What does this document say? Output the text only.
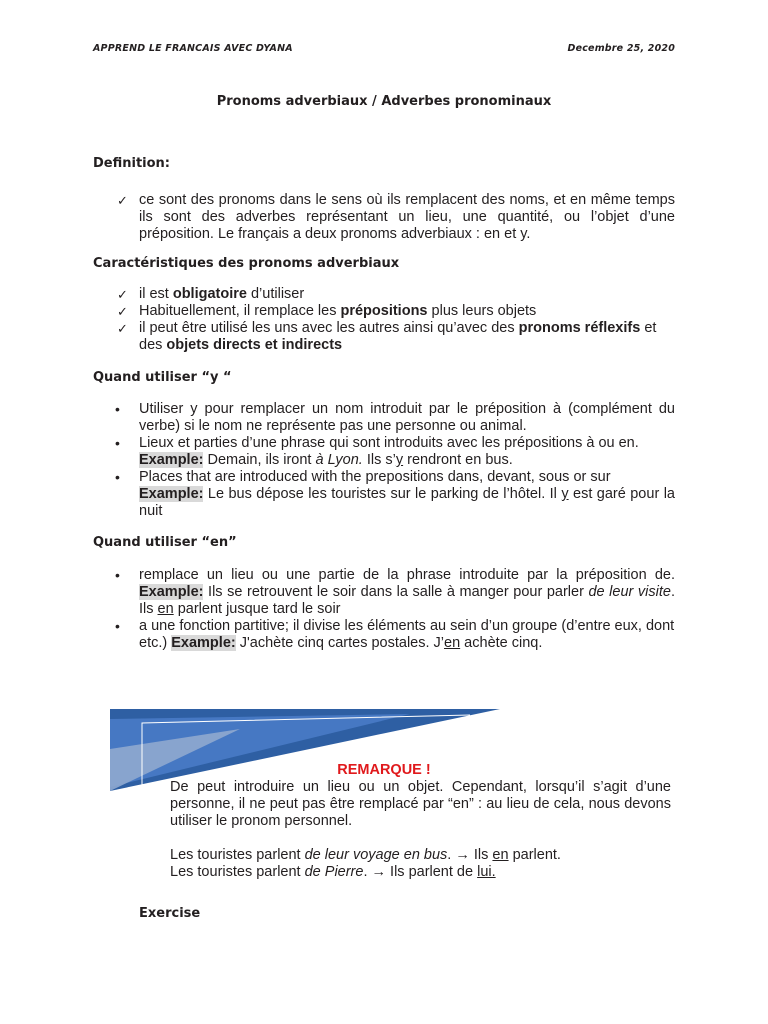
APPREND LE FRANCAIS AVEC DYANA	Decembre 25, 2020
Pronoms adverbiaux / Adverbes pronominaux
Definition:

✓ ce sont des pronoms dans le sens où ils remplacent des noms, et en même temps ils sont des adverbes représentant un lieu, une quantité, ou l’objet d’une préposition. Le français a deux pronoms adverbiaux : en et y.

Caractéristiques des pronoms adverbiaux

✓ il est obligatoire d’utiliser

✓ Habituellement, il remplace les prépositions plus leurs objets

✓ il peut être utilisé les uns avec les autres ainsi qu’avec des pronoms réflexifs et des objets directs et indirects

Quand utiliser “y “

• Utiliser y pour remplacer un nom introduit par le préposition à (complément du verbe) si le nom ne représente pas une personne ou animal.

• Lieux et parties d’une phrase qui sont introduits avec les prépositions à ou en.
Example: Demain, ils iront à Lyon. Ils s’y rendront en bus.

• Places that are introduced with the prepositions dans, devant, sous or sur
Example: Le bus dépose les touristes sur le parking de l’hôtel. Il y est garé pour la nuit

Quand utiliser “en”

• remplace un lieu ou une partie de la phrase introduite par la préposition de. Example: Ils se retrouvent le soir dans la salle à manger pour parler de leur visite. Ils en parlent jusque tard le soir

• a une fonction partitive; il divise les éléments au sein d’un groupe (d’entre eux, dont etc.) Example: J'achète cinq cartes postales. J’en achète cinq.

REMARQUE !
De peut introduire un lieu ou un objet. Cependant, lorsqu’il s’agit d’une personne, il ne peut pas être remplacé par “en” : au lieu de cela, nous devons utiliser le pronom personnel.
Les touristes parlent de leur voyage en bus. → Ils en parlent.
Les touristes parlent de Pierre. → Ils parlent de lui.
Exercise
